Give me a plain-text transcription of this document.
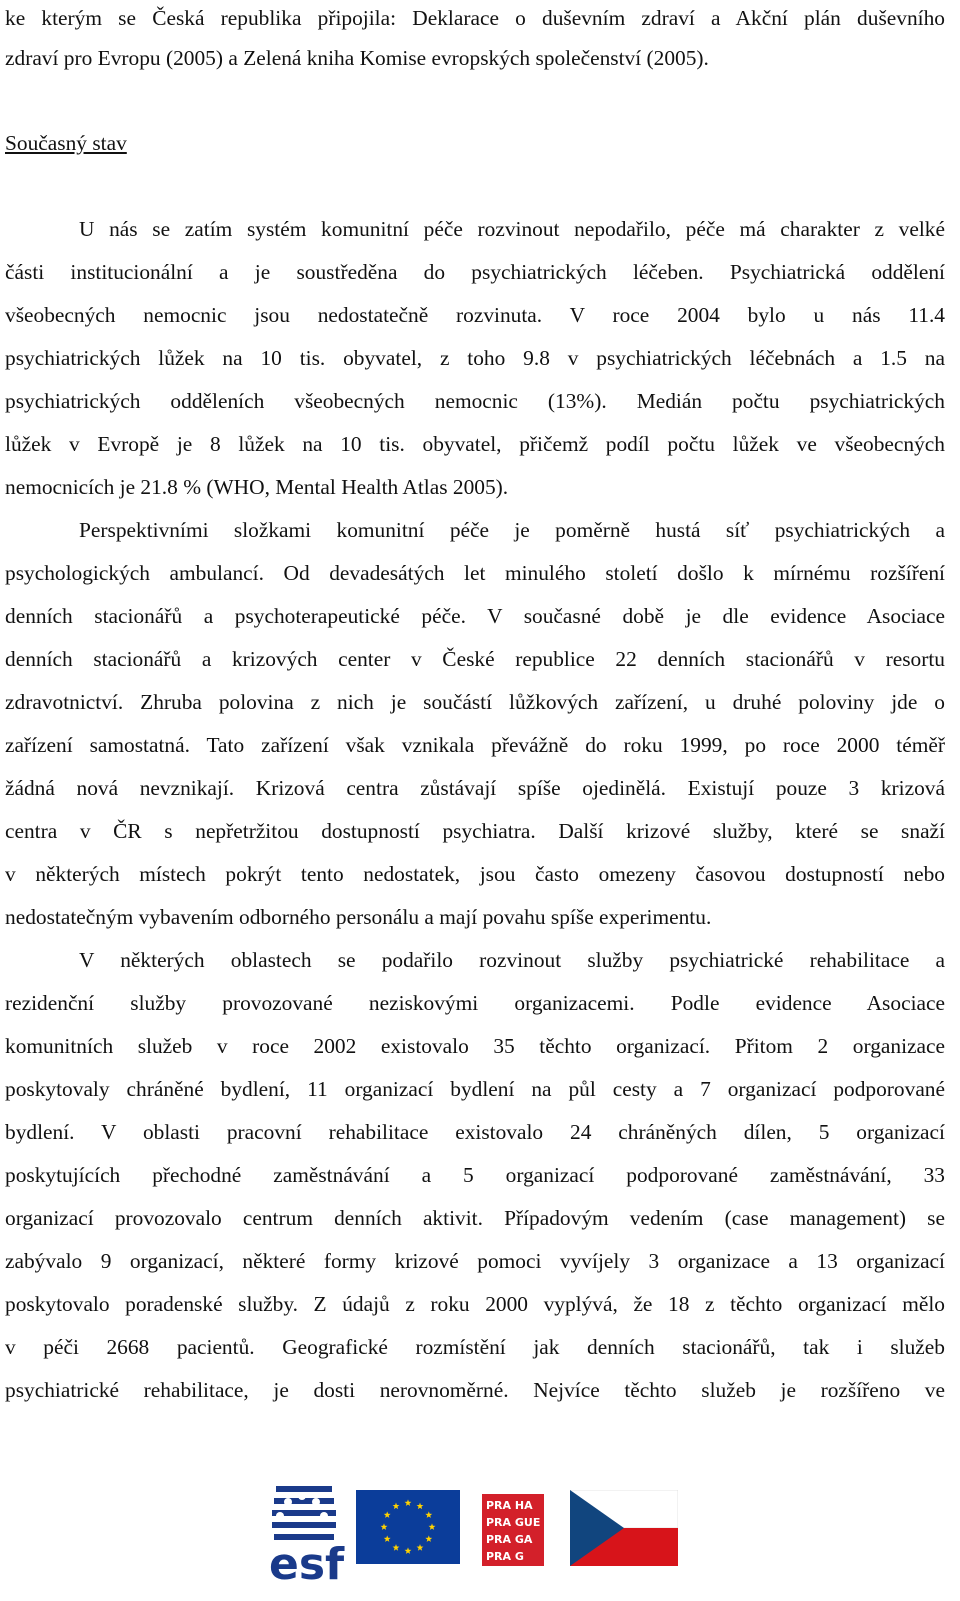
ke kterým se Česká republika připojila: Deklarace o duševním zdraví a Akční plán duševního
zdraví pro Evropu (2005) a Zelená kniha Komise evropských společenství (2005).
Současný stav
U nás se zatím systém komunitní péče rozvinout nepodařilo, péče má charakter z velké
části institucionální a je soustředěna do psychiatrických léčeben. Psychiatrická oddělení
všeobecných nemocnic jsou nedostatečně rozvinuta. V roce 2004 bylo u nás 11.4
psychiatrických lůžek na 10 tis. obyvatel, z toho 9.8 v psychiatrických léčebnách a 1.5 na
psychiatrických odděleních všeobecných nemocnic (13%). Medián počtu psychiatrických
lůžek v Evropě je 8 lůžek na 10 tis. obyvatel, přičemž podíl počtu lůžek ve všeobecných
nemocnicích je 21.8 % (WHO, Mental Health Atlas 2005).
Perspektivními složkami komunitní péče je poměrně hustá síť psychiatrických a
psychologických ambulancí. Od devadesátých let minulého století došlo k mírnému rozšíření
denních stacionářů a psychoterapeutické péče. V současné době je dle evidence Asociace
denních stacionářů a krizových center v České republice 22 denních stacionářů v resortu
zdravotnictví. Zhruba polovina z nich je součástí lůžkových zařízení, u druhé poloviny jde o
zařízení samostatná. Tato zařízení však vznikala převážně do roku 1999, po roce 2000 téměř
žádná nová nevznikají. Krizová centra zůstávají spíše ojedinělá. Existují pouze 3 krizová
centra v ČR s nepřetržitou dostupností psychiatra. Další krizové služby, které se snaží
v některých místech pokrýt tento nedostatek, jsou často omezeny časovou dostupností nebo
nedostatečným vybavením odborného personálu a mají povahu spíše experimentu.
V některých oblastech se podařilo rozvinout služby psychiatrické rehabilitace a
rezidenční služby provozované neziskovými organizacemi. Podle evidence Asociace
komunitních služeb v roce 2002 existovalo 35 těchto organizací. Přitom 2 organizace
poskytovaly chráněné bydlení, 11 organizací bydlení na půl cesty a 7 organizací podporované
bydlení. V oblasti pracovní rehabilitace existovalo 24 chráněných dílen, 5 organizací
poskytujících přechodné zaměstnávání a 5 organizací podporované zaměstnávání, 33
organizací provozovalo centrum denních aktivit. Případovým vedením (case management) se
zabývalo 9 organizací, některé formy krizové pomoci vyvíjely 3 organizace a 13 organizací
poskytovalo poradenské služby. Z údajů z roku 2000 vyplývá, že 18 z těchto organizací mělo
v péči 2668 pacientů. Geografické rozmístění jak denních stacionářů, tak i služeb
psychiatrické rehabilitace, je dosti nerovnoměrné. Nejvíce těchto služeb je rozšířeno ve
esf
PRA HA
PRA GUE
PRA GA
PRA G
